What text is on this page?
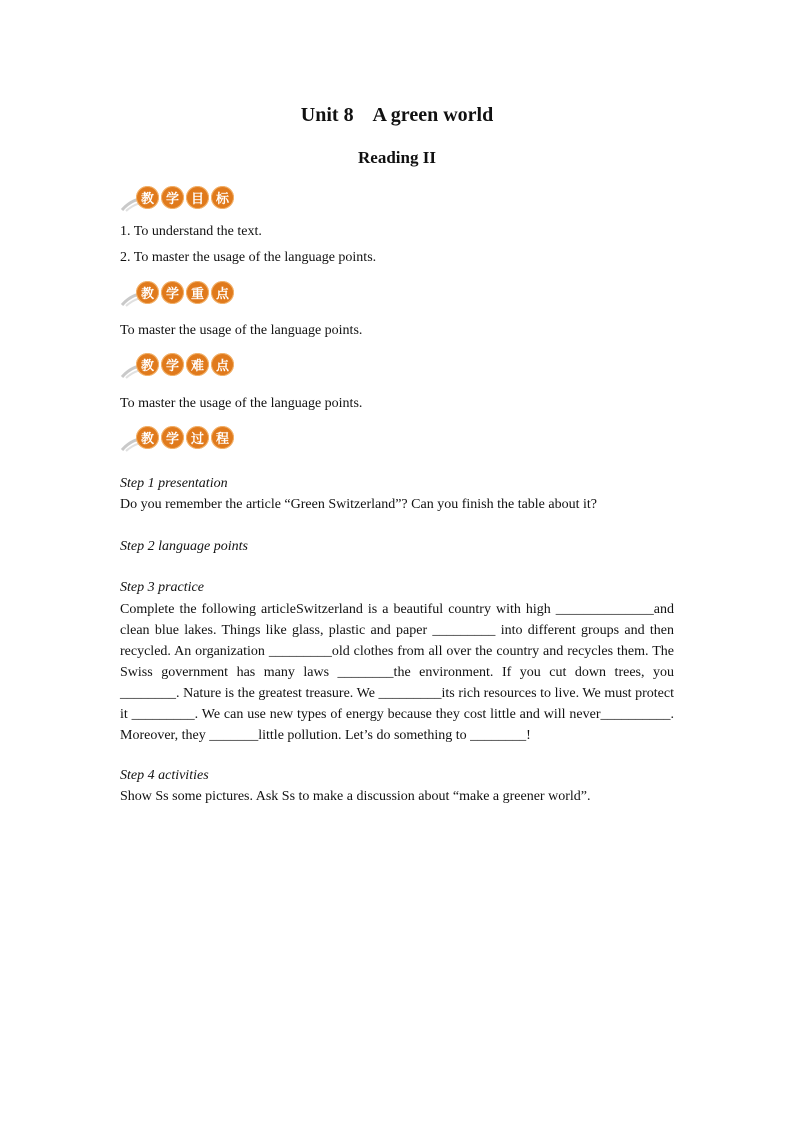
Unit 8    A green world
Reading II
教 学 目 标
1. To understand the text.
2. To master the usage of the language points.
教 学 重 点
To master the usage of the language points.
教 学 难 点
To master the usage of the language points.
教 学 过 程
Step 1 presentation
Do you remember the article “Green Switzerland”? Can you finish the table about it?
Step 2 language points
Step 3 practice
Complete the following articleSwitzerland is a beautiful country with high ______________and clean blue lakes. Things like glass, plastic and paper _________ into different groups and then recycled. An organization _________old clothes from all over the country and recycles them. The Swiss government has many laws ________the environment. If you cut down trees, you ________. Nature is the greatest treasure. We _________its rich resources to live. We must protect it _________. We can use new types of energy because they cost little and will never__________. Moreover, they _______little pollution. Let’s do something to ________!
Step 4 activities
Show Ss some pictures. Ask Ss to make a discussion about “make a greener world”.
